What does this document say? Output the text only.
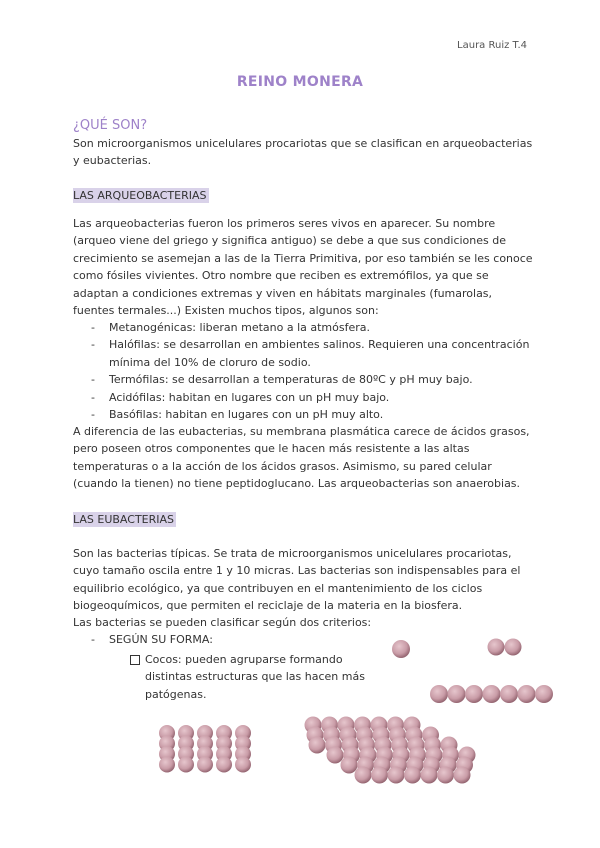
Laura Ruiz T.4
REINO MONERA
¿QUÉ SON?

Son microorganismos unicelulares procariotas que se clasifican en arqueobacterias y eubacterias.

LAS ARQUEOBACTERIAS

Las arqueobacterias fueron los primeros seres vivos en aparecer. Su nombre (arqueo viene del griego y significa antiguo) se debe a que sus condiciones de crecimiento se asemejan a las de la Tierra Primitiva, por eso también se les conoce como fósiles vivientes. Otro nombre que reciben es extremófilos, ya que se adaptan a condiciones extremas y viven en hábitats marginales (fumarolas, fuentes termales...) Existen muchos tipos, algunos son:

- Metanogénicas: liberan metano a la atmósfera.
- Halófilas: se desarrollan en ambientes salinos. Requieren una concentración mínima del 10% de cloruro de sodio.
- Termófilas: se desarrollan a temperaturas de 80ºC y pH muy bajo.
- Acidófilas: habitan en lugares con un pH muy bajo.
- Basófilas: habitan en lugares con un pH muy alto.

A diferencia de las eubacterias, su membrana plasmática carece de ácidos grasos, pero poseen otros componentes que le hacen más resistente a las altas temperaturas o a la acción de los ácidos grasos. Asimismo, su pared celular (cuando la tienen) no tiene peptidoglucano. Las arqueobacterias son anaerobias.

LAS EUBACTERIAS

Son las bacterias típicas. Se trata de microorganismos unicelulares procariotas, cuyo tamaño oscila entre 1 y 10 micras. Las bacterias son indispensables para el equilibrio ecológico, ya que contribuyen en el mantenimiento de los ciclos biogeoquímicos, que permiten el reciclaje de la materia en la biosfera.

Las bacterias se pueden clasificar según dos criterios:

- SEGÚN SU FORMA:
Cocos: pueden agruparse formando distintas estructuras que las hacen más patógenas.
